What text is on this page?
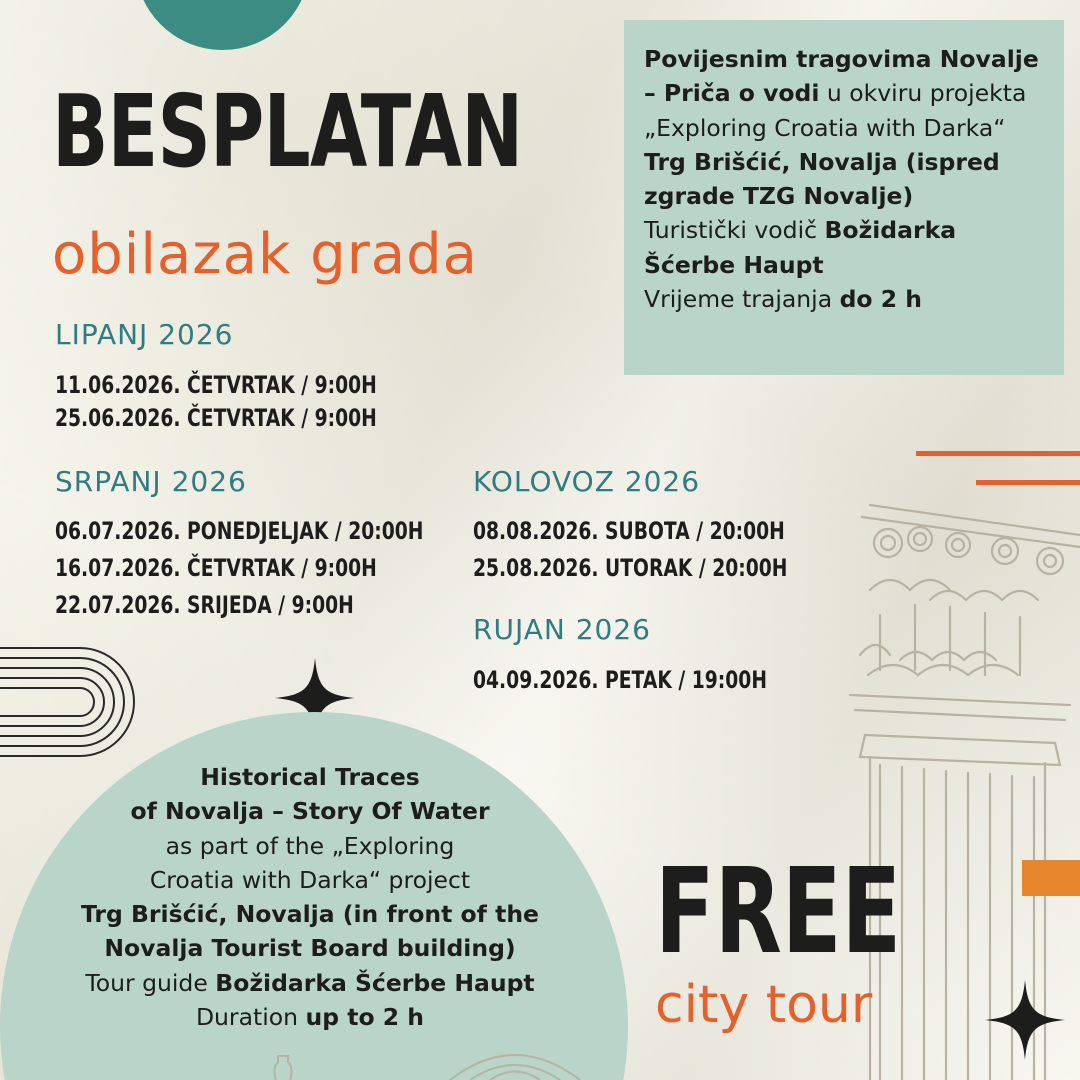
BESPLATAN
obilazak grada
LIPANJ 2026
11.06.2026. ČETVRTAK / 9:00H
25.06.2026. ČETVRTAK / 9:00H
SRPANJ 2026
06.07.2026. PONEDJELJAK / 20:00H
16.07.2026. ČETVRTAK / 9:00H
22.07.2026. SRIJEDA / 9:00H
KOLOVOZ 2026
08.08.2026. SUBOTA / 20:00H
25.08.2026. UTORAK / 20:00H
RUJAN 2026
04.09.2026. PETAK / 19:00H
Povijesnim tragovima Novalje – Priča o vodi u okviru projekta „Exploring Croatia with Darka“
Trg Brišćić, Novalja (ispred zgrade TZG Novalje)
Turistički vodič Božidarka Šćerbe Haupt
Vrijeme trajanja do 2 h
Historical Traces
of Novalja – Story Of Water
as part of the „Exploring
Croatia with Darka“ project
Trg Brišćić, Novalja (in front of the
Novalja Tourist Board building)
Tour guide Božidarka Šćerbe Haupt
Duration up to 2 h
FREE
city tour
